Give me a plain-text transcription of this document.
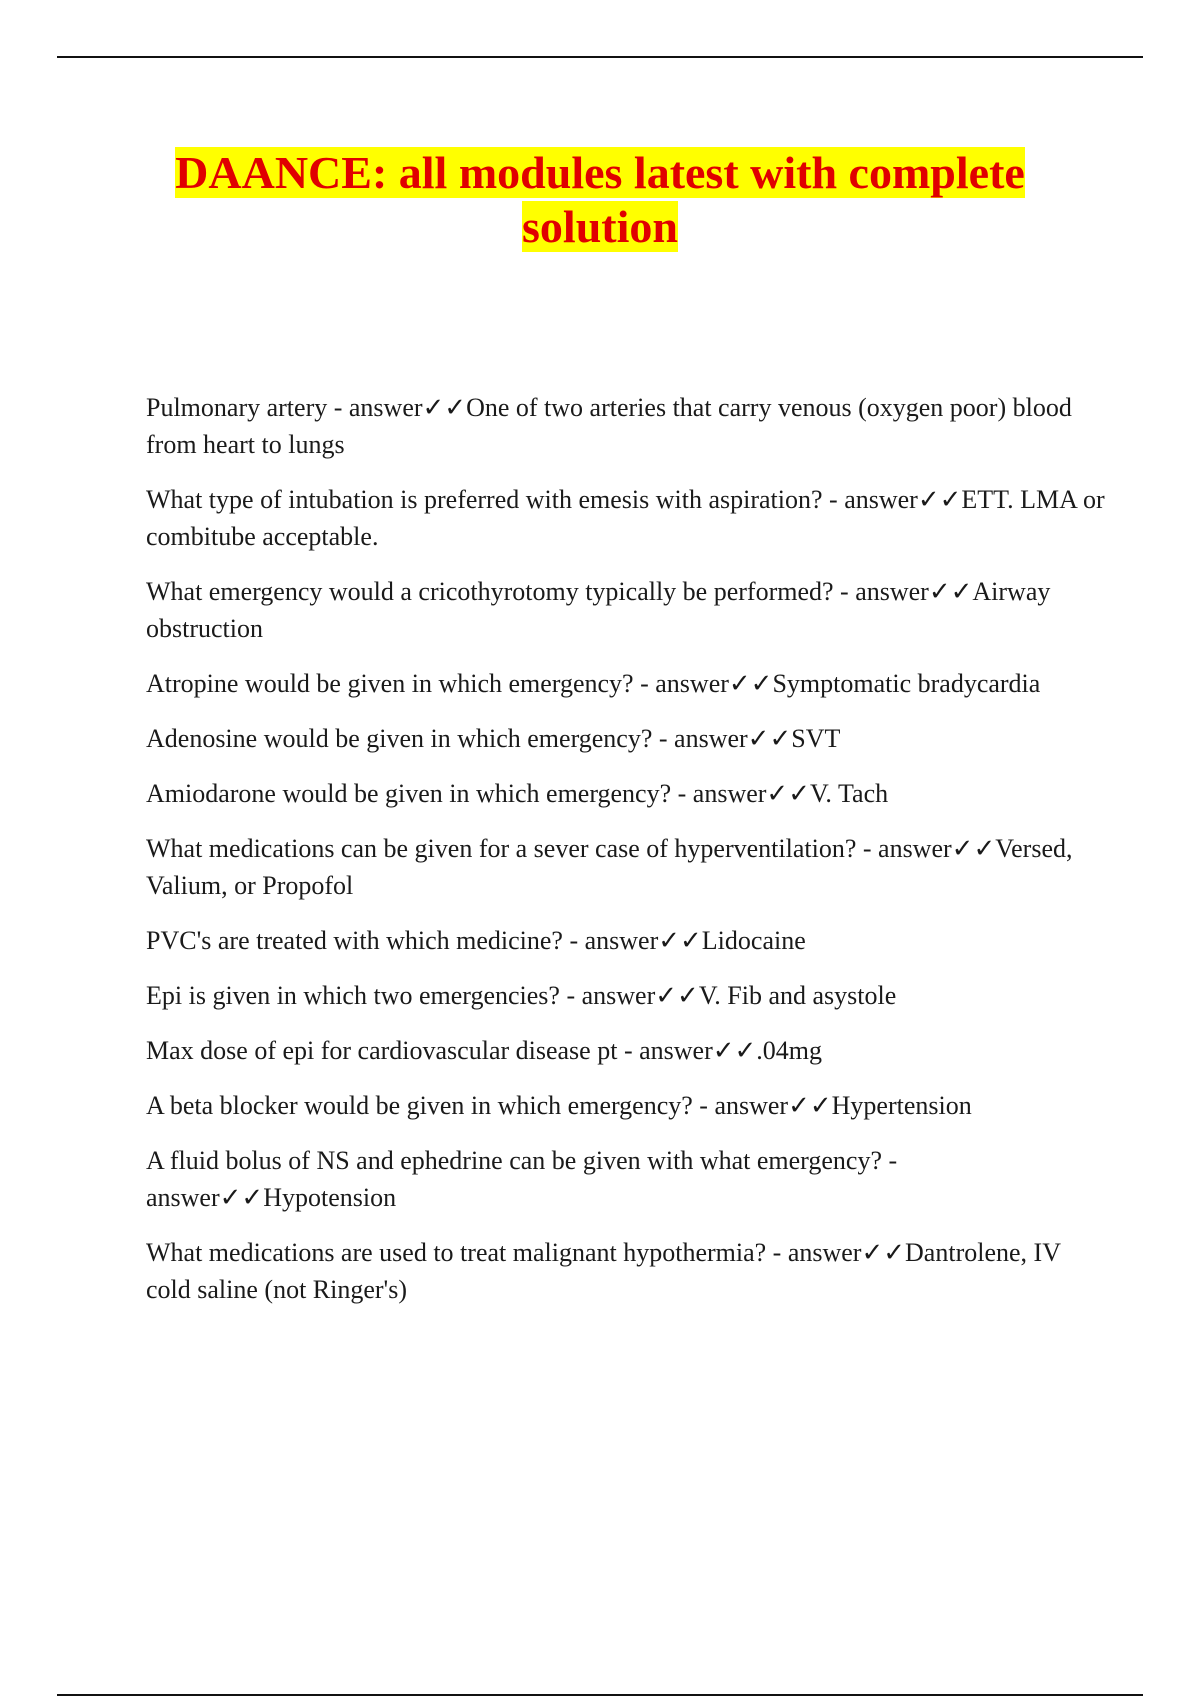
DAANCE: all modules latest with complete solution
Pulmonary artery - answer✓✓One of two arteries that carry venous (oxygen poor) blood from heart to lungs
What type of intubation is preferred with emesis with aspiration? - answer✓✓ETT. LMA or combitube acceptable.
What emergency would a cricothyrotomy typically be performed? - answer✓✓Airway obstruction
Atropine would be given in which emergency? - answer✓✓Symptomatic bradycardia
Adenosine would be given in which emergency? - answer✓✓SVT
Amiodarone would be given in which emergency? - answer✓✓V. Tach
What medications can be given for a sever case of hyperventilation? - answer✓✓Versed, Valium, or Propofol
PVC's are treated with which medicine? - answer✓✓Lidocaine
Epi is given in which two emergencies? - answer✓✓V. Fib and asystole
Max dose of epi for cardiovascular disease pt - answer✓✓.04mg
A beta blocker would be given in which emergency? - answer✓✓Hypertension
A fluid bolus of NS and ephedrine can be given with what emergency? - answer✓✓Hypotension
What medications are used to treat malignant hypothermia? - answer✓✓Dantrolene, IV cold saline (not Ringer's)
